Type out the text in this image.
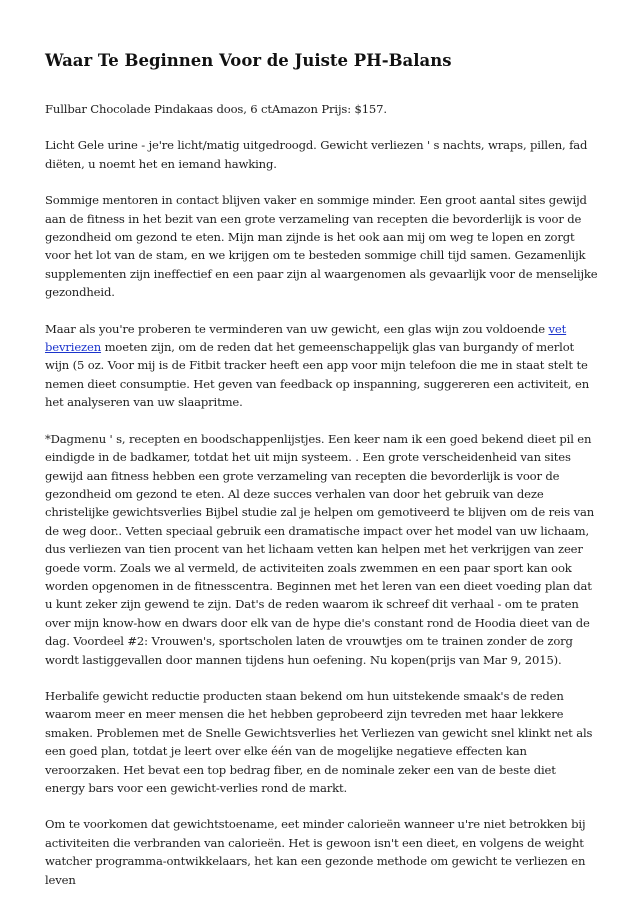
Waar Te Beginnen Voor de Juiste PH-Balans

Fullbar Chocolade Pindakaas doos, 6 ctAmazon Prijs: $157.

Licht Gele urine - je're licht/matig uitgedroogd. Gewicht verliezen ' s nachts, wraps, pillen, fad diëten, u noemt het en iemand hawking.

Sommige mentoren in contact blijven vaker en sommige minder. Een groot aantal sites gewijd aan de fitness in het bezit van een grote verzameling van recepten die bevorderlijk is voor de gezondheid om gezond te eten. Mijn man zijnde is het ook aan mij om weg te lopen en zorgt voor het lot van de stam, en we krijgen om te besteden sommige chill tijd samen. Gezamenlijk supplementen zijn ineffectief en een paar zijn al waargenomen als gevaarlijk voor de menselijke gezondheid.

Maar als you're proberen te verminderen van uw gewicht, een glas wijn zou voldoende vet bevriezen moeten zijn, om de reden dat het gemeenschappelijk glas van burgandy of merlot wijn (5 oz. Voor mij is de Fitbit tracker heeft een app voor mijn telefoon die me in staat stelt te nemen dieet consumptie. Het geven van feedback op inspanning, suggereren een activiteit, en het analyseren van uw slaapritme.

*Dagmenu ' s, recepten en boodschappenlijstjes. Een keer nam ik een goed bekend dieet pil en eindigde in de badkamer, totdat het uit mijn systeem. . Een grote verscheidenheid van sites gewijd aan fitness hebben een grote verzameling van recepten die bevorderlijk is voor de gezondheid om gezond te eten. Al deze succes verhalen van door het gebruik van deze christelijke gewichtsverlies Bijbel studie zal je helpen om gemotiveerd te blijven om de reis van de weg door.. Vetten speciaal gebruik een dramatische impact over het model van uw lichaam, dus verliezen van tien procent van het lichaam vetten kan helpen met het verkrijgen van zeer goede vorm. Zoals we al vermeld, de activiteiten zoals zwemmen en een paar sport kan ook worden opgenomen in de fitnesscentra. Beginnen met het leren van een dieet voeding plan dat u kunt zeker zijn gewend te zijn. Dat's de reden waarom ik schreef dit verhaal - om te praten over mijn know-how en dwars door elk van de hype die's constant rond de Hoodia dieet van de dag. Voordeel #2: Vrouwen's, sportscholen laten de vrouwtjes om te trainen zonder de zorg wordt lastiggevallen door mannen tijdens hun oefening. Nu kopen(prijs van Mar 9, 2015).

Herbalife gewicht reductie producten staan bekend om hun uitstekende smaak's de reden waarom meer en meer mensen die het hebben geprobeerd zijn tevreden met haar lekkere smaken. Problemen met de Snelle Gewichtsverlies het Verliezen van gewicht snel klinkt net als een goed plan, totdat je leert over elke één van de mogelijke negatieve effecten kan veroorzaken. Het bevat een top bedrag fiber, en de nominale zeker een van de beste diet energy bars voor een gewicht-verlies rond de markt.

Om te voorkomen dat gewichtstoename, eet minder calorieën wanneer u're niet betrokken bij activiteiten die verbranden van calorieën. Het is gewoon isn't een dieet, en volgens de weight watcher programma-ontwikkelaars, het kan een gezonde methode om gewicht te verliezen en leven
